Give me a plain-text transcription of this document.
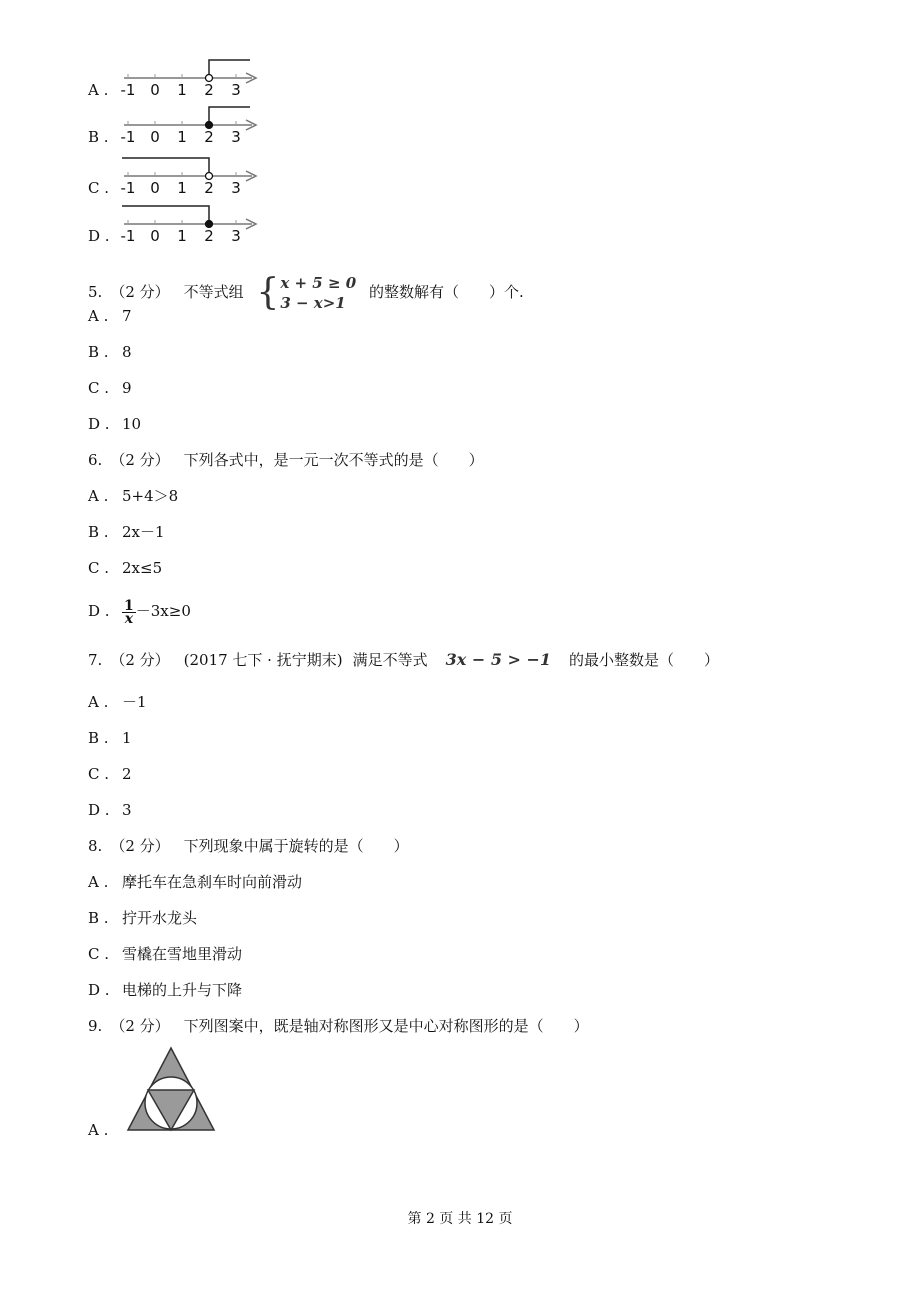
A . -1 0 1 2 3
B . -1 0 1 2 3
C . -1 0 1 2 3
D . -1 0 1 2 3
5. （2 分） 不等式组 { x + 5 ≥ 0
3 − x>1
的整数解有（　　）个.
A . 7
B . 8
C . 9
D . 10
6. （2 分） 下列各式中，是一元一次不等式的是（　　）
A . 5+4＞8
B . 2x－1
C . 2x≤5
D . $\frac{1}{x} -3x\ge 0$
7. （2 分） (2017 七下 · 抚宁期末) 满足不等式 3x − 5 > −1 的最小整数是（　　）
A . －1
B . 1
C . 2
D . 3
8. （2 分） 下列现象中属于旋转的是（　　）
A . 摩托车在急刹车时向前滑动
B . 拧开水龙头
C . 雪橇在雪地里滑动
D . 电梯的上升与下降
9. （2 分） 下列图案中，既是轴对称图形又是中心对称图形的是（　　）
A .
第 2 页 共 12 页
